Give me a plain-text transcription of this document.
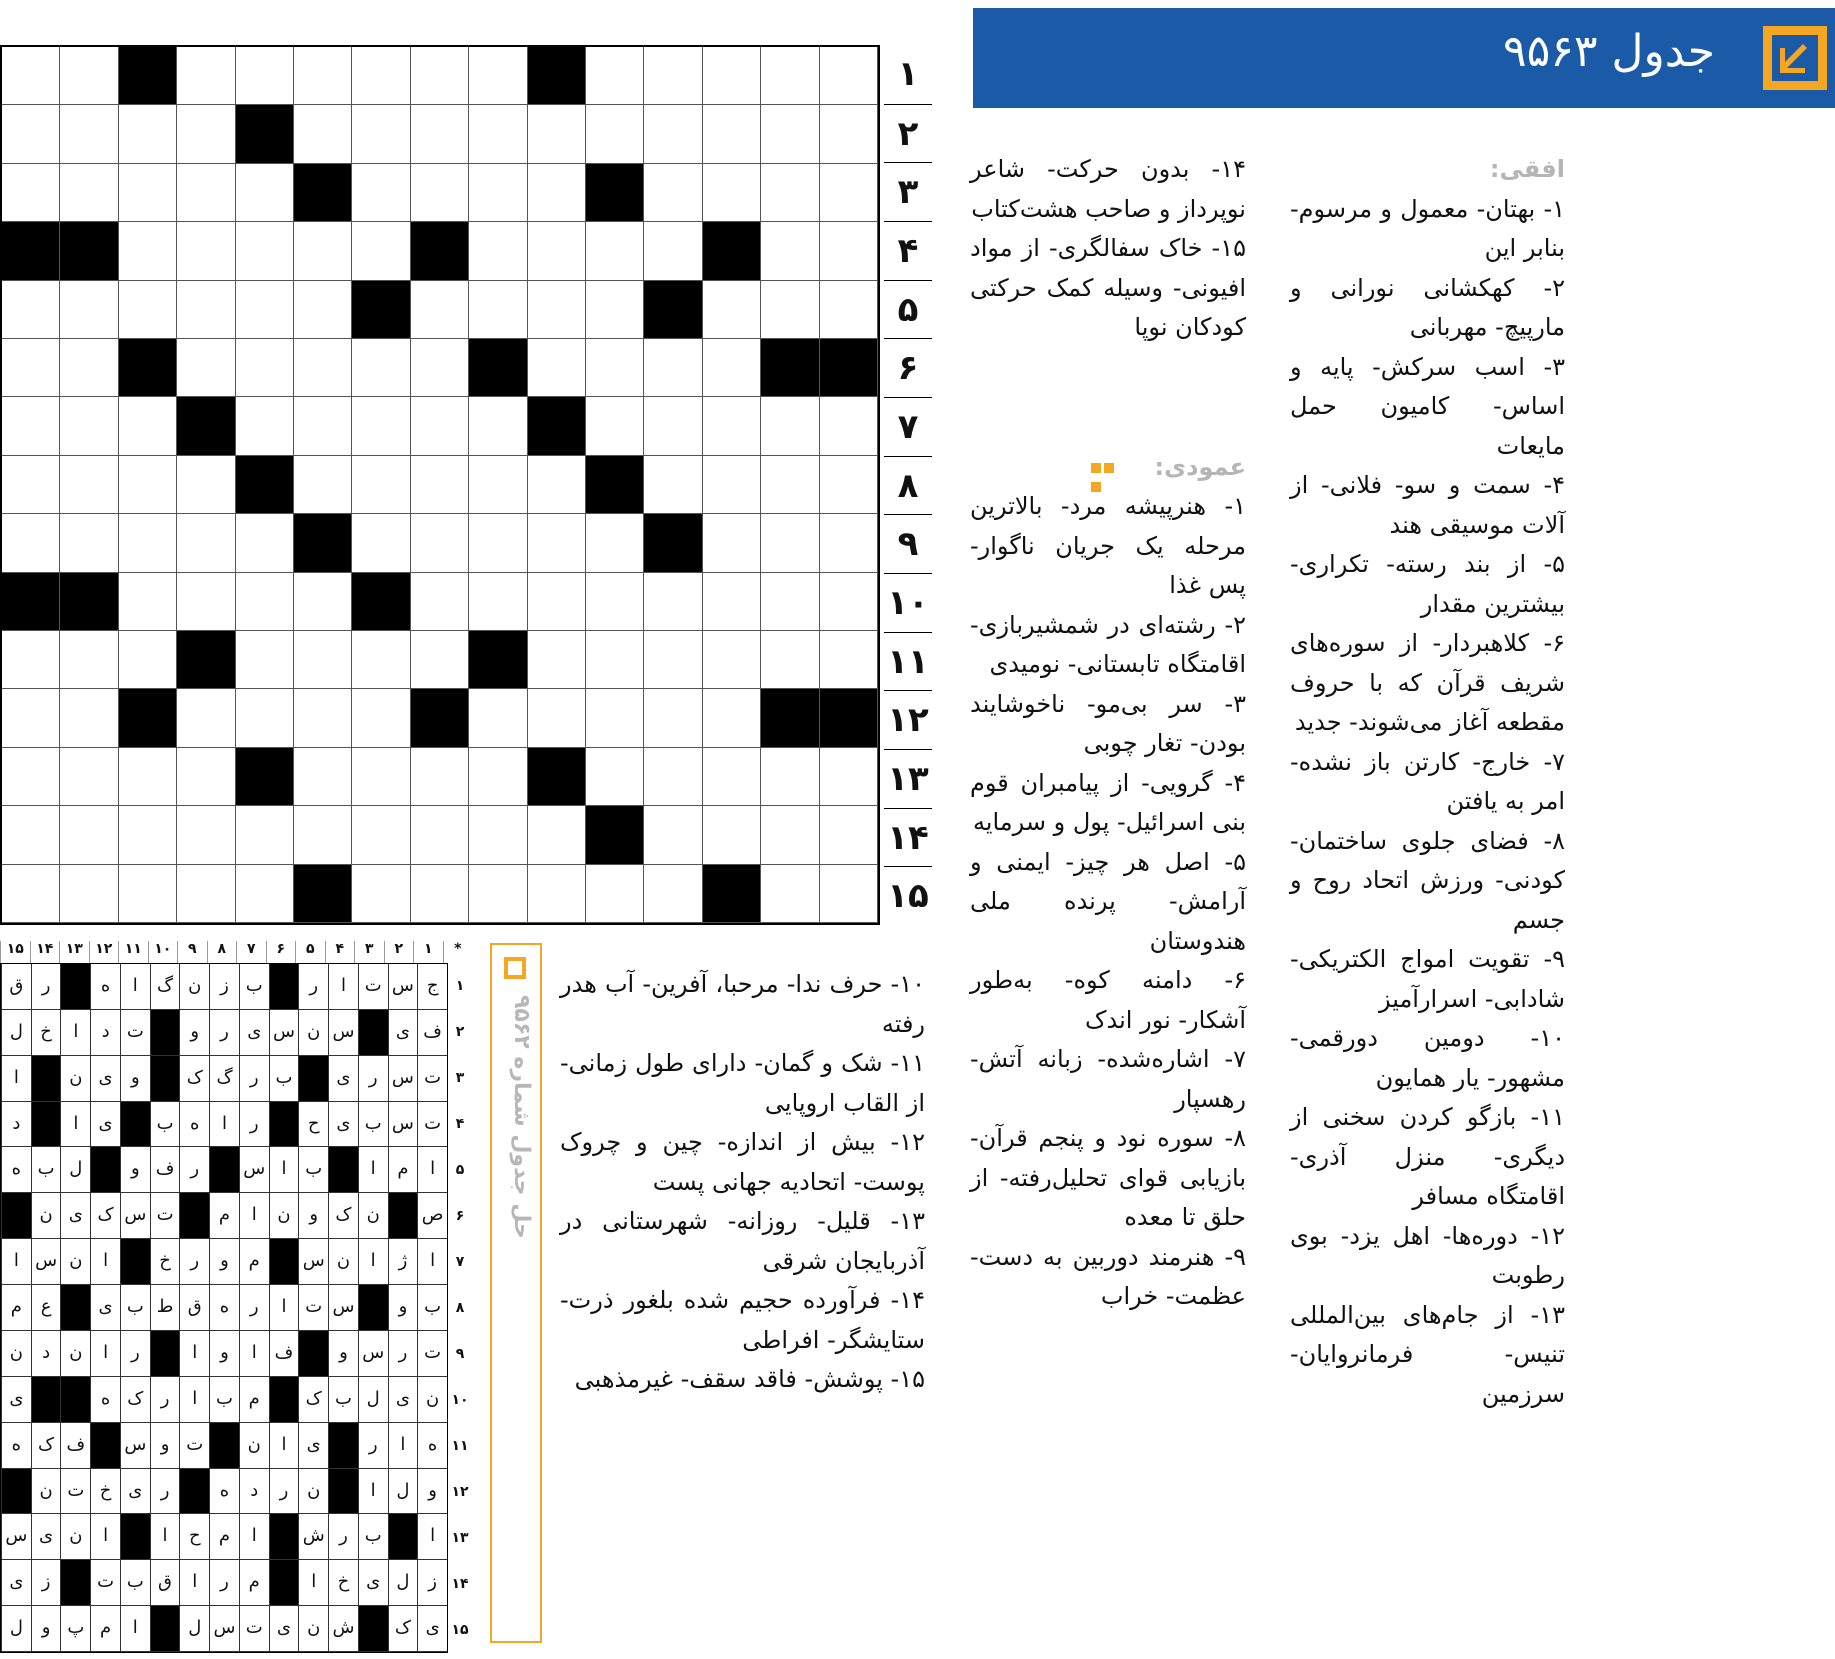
جدول ۹۵۶۳

افقی:

۱- بهتان- معمول و مرسوم- بنابر این

۲- کهکشانی نورانی و مارپیچ- مهربانی

۳- اسب سرکش- پایه و اساس- کامیون حمل مایعات

۴- سمت و سو- فلانی- از آلات موسیقی هند

۵- از بند رسته- تکراری- بیشترین مقدار

۶- کلاهبردار- از سوره‌های شریف قرآن که با حروف مقطعه آغاز می‌شوند- جدید

۷- خارج- کارتن باز نشده- امر به یافتن

۸- فضای جلوی ساختمان- کودنی- ورزش اتحاد روح و جسم

۹- تقویت امواج الکتریکی- شادابی- اسرارآمیز

۱۰- دومین دورقمی- مشهور- یار همایون

۱۱- بازگو کردن سخنی از دیگری- منزل آذری- اقامتگاه مسافر

۱۲- دوره‌ها- اهل یزد- بوی رطوبت

۱۳- از جام‌های بین‌المللی تنیس- فرمانروایان- سرزمین

۱۴- بدون حرکت- شاعر نوپرداز و صاحب هشت‌کتاب

۱۵- خاک سفالگری- از مواد افیونی- وسیله کمک حرکتی کودکان نوپا

عمودی:

۱- هنرپیشه مرد- بالاترین مرحله یک جریان ناگوار- پس غذا

۲- رشته‌ای در شمشیربازی- اقامتگاه تابستانی- نومیدی

۳- سر بی‌مو- ناخوشایند بودن- تغار چوبی

۴- گرویی- از پیامبران قوم بنی اسرائیل- پول و سرمایه

۵- اصل هر چیز- ایمنی و آرامش- پرنده ملی هندوستان

۶- دامنه کوه- به‌طور آشکار- نور اندک

۷- اشاره‌شده- زبانه آتش- رهسپار

۸- سوره نود و پنجم قرآن- بازیابی قوای تحلیل‌رفته- از حلق تا معده

۹- هنرمند دوربین به دست- عظمت- خراب

۱۰- حرف ندا- مرحبا، آفرین- آب هدر رفته

۱۱- شک و گمان- دارای طول زمانی- از القاب اروپایی

۱۲- بیش از اندازه- چین و چروک پوست- اتحادیه جهانی پست

۱۳- قلیل- روزانه- شهرستانی در آذربایجان شرقی

۱۴- فرآورده حجیم شده بلغور ذرت- ستایشگر- افراطی

۱۵- پوشش- فاقد سقف- غیرمذهبی

۱
۲
۳
۴
۵
۶
۷
۸
۹
۱۰
۱۱
۱۲
۱۳
۱۴
۱۵
حل جدول شماره ۹۵۶۲
*
۱
۲
۳
۴
۵
۶
۷
۸
۹
۱۰
۱۱
۱۲
۱۳
۱۴
۱۵
ج
س
ت
ا
ر
ب
ز
ن
گ
ا
ه
ر
ق
ف
ی
س
ن
س
ی
ر
و
ت
د
ا
خ
ل
ت
س
ر
ی
ب
ر
گ
ک
و
ی
ن
ا
ت
س
ب
ی
ح
ر
ا
ه
ب
ی
ا
د
ا
م
ا
ب
ا
س
ر
ف
و
ل
ب
ه
ص
ن
ک
و
ن
ا
م
ت
س
ک
ی
ن
ا
ژ
ا
ن
س
م
و
ر
خ
ا
ن
س
ا
ب
و
س
ت
ا
ر
ه
ق
ط
ب
ی
ع
م
ت
ر
س
و
ف
ا
و
ا
ر
ا
ن
د
ن
ن
ی
ل
ب
ک
م
ب
ا
ر
ک
ه
ی
ه
ا
ر
ی
ا
ن
ت
و
س
ف
ک
ه
و
ل
ا
ن
ر
د
ه
ر
ی
خ
ت
ن
ا
ب
ر
ش
ا
م
ح
ا
ا
ن
ی
س
ز
ل
ی
خ
ا
م
ر
ا
ق
ب
ت
ز
ی
ی
ک
ش
ن
ی
ت
س
ل
ا
م
پ
و
ل
۱
۲
۳
۴
۵
۶
۷
۸
۹
۱۰
۱۱
۱۲
۱۳
۱۴
۱۵
